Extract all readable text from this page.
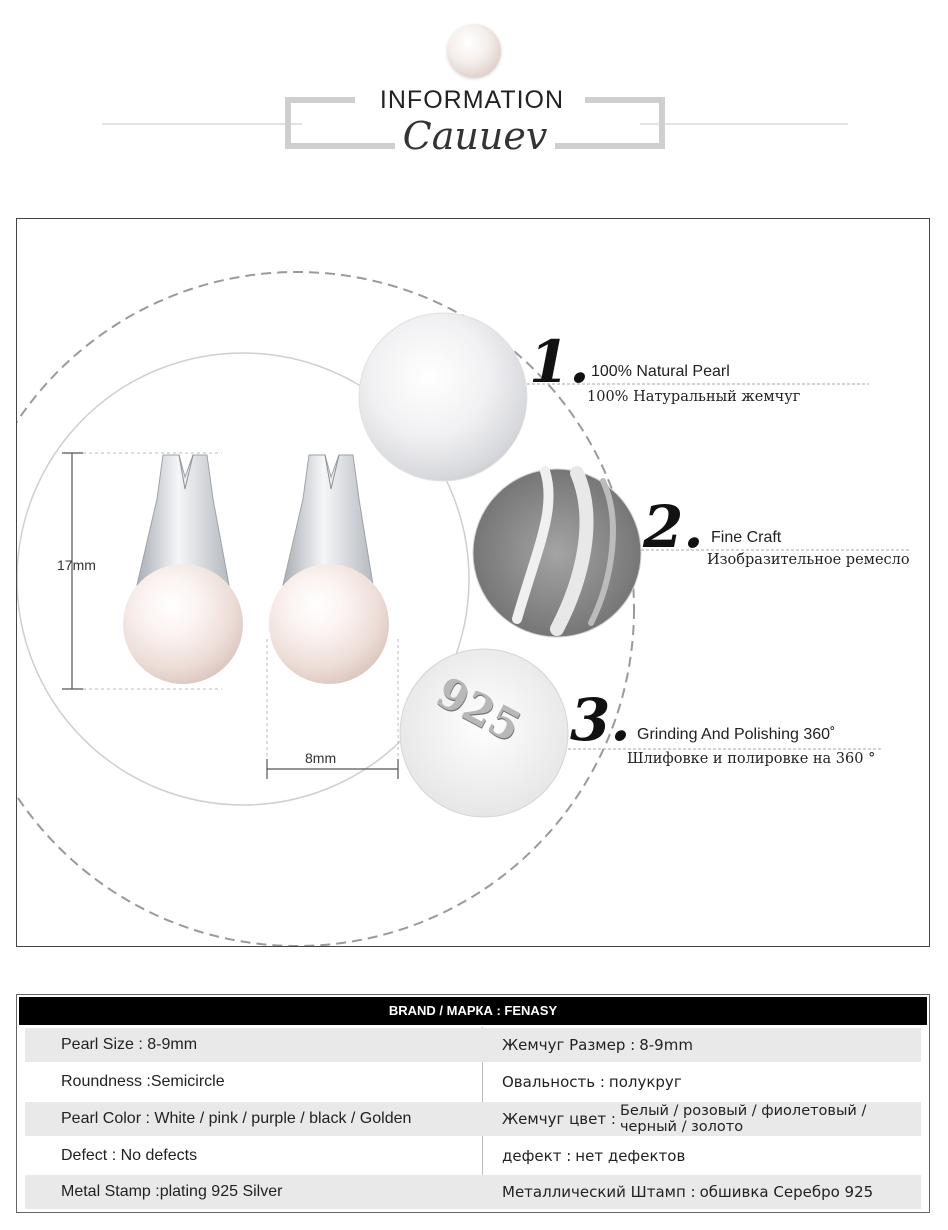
INFORMATION
Cauuev
925
17mm
8mm
1. 100% Natural Pearl
100% Натуральный жемчуг
2. Fine Craft
Изобразительное ремесло
3. Grinding And Polishing 360˚
Шлифовке и полировке на 360 °
BRAND / МАРКА : FENASY
Pearl Size : 8-9mm	Жемчуг Размер : 8-9mm
Roundness :Semicircle	Овальность : полукруг
Pearl Color : White / pink / purple / black / Golden	Жемчуг цвет : Белый / розовый / фиолетовый / черный / золото
Defect : No defects	дефект : нет дефектов
Metal Stamp :plating 925 Silver	Металлический Штамп : обшивка Серебро 925
